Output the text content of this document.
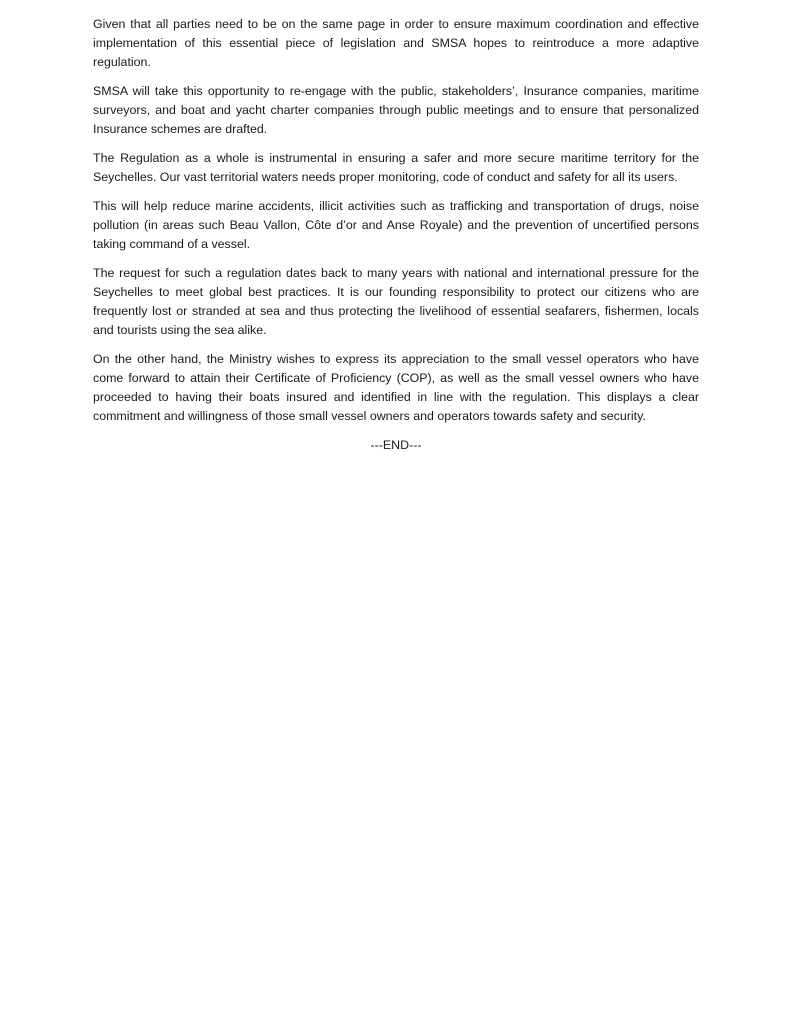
Given that all parties need to be on the same page in order to ensure maximum coordination and effective implementation of this essential piece of legislation and SMSA hopes to reintroduce a more adaptive regulation.

SMSA will take this opportunity to re-engage with the public, stakeholders’, Insurance companies, maritime surveyors, and boat and yacht charter companies through public meetings and to ensure that personalized Insurance schemes are drafted.

The Regulation as a whole is instrumental in ensuring a safer and more secure maritime territory for the Seychelles. Our vast territorial waters needs proper monitoring, code of conduct and safety for all its users.

This will help reduce marine accidents, illicit activities such as trafficking and transportation of drugs, noise pollution (in areas such Beau Vallon, Côte d’or and Anse Royale) and the prevention of uncertified persons taking command of a vessel.

The request for such a regulation dates back to many years with national and international pressure for the Seychelles to meet global best practices. It is our founding responsibility to protect our citizens who are frequently lost or stranded at sea and thus protecting the livelihood of essential seafarers, fishermen, locals and tourists using the sea alike.

On the other hand, the Ministry wishes to express its appreciation to the small vessel operators who have come forward to attain their Certificate of Proficiency (COP), as well as the small vessel owners who have proceeded to having their boats insured and identified in line with the regulation. This displays a clear commitment and willingness of those small vessel owners and operators towards safety and security.

---END---
